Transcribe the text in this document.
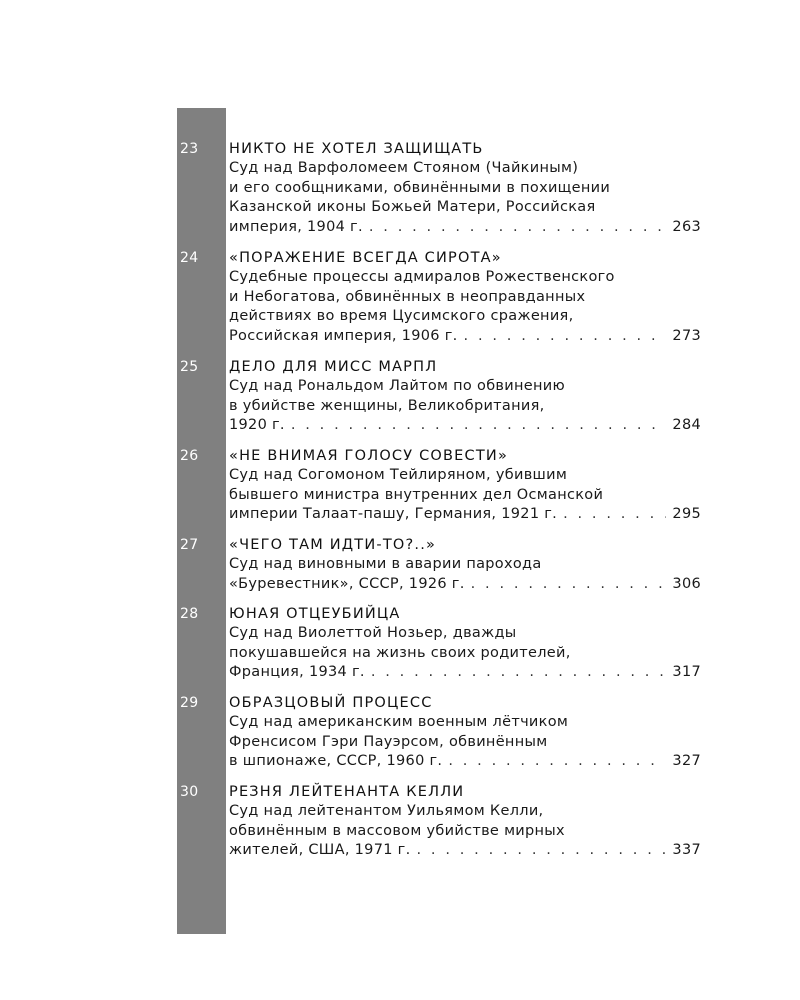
23 НИКТО НЕ ХОТЕЛ ЗАЩИЩАТЬ
Суд над Варфоломеем Стояном (Чайкиным)
и его сообщниками, обвинёнными в похищении
Казанской иконы Божьей Матери, Российская
империя, 1904 г. . . .	263
24 «ПОРАЖЕНИЕ ВСЕГДА СИРОТА»
Судебные процессы адмиралов Рожественского
и Небогатова, обвинённых в неоправданных
действиях во время Цусимского сражения,
Российская империя, 1906 г. . . .	273
25 ДЕЛО ДЛЯ МИСС МАРПЛ
Суд над Рональдом Лайтом по обвинению
в убийстве женщины, Великобритания,
1920 г. . . .	284
26 «НЕ ВНИМАЯ ГОЛОСУ СОВЕСТИ»
Суд над Согомоном Тейлиряном, убившим
бывшего министра внутренних дел Османской
империи Талаат-пашу, Германия, 1921 г. . . .	295
27 «ЧЕГО ТАМ ИДТИ-ТО?..»
Суд над виновными в аварии парохода
«Буревестник», СССР, 1926 г. . . .	306
28 ЮНАЯ ОТЦЕУБИЙЦА
Суд над Виолеттой Нозьер, дважды
покушавшейся на жизнь своих родителей,
Франция, 1934 г. . . .	317
29 ОБРАЗЦОВЫЙ ПРОЦЕСС
Суд над американским военным лётчиком
Френсисом Гэри Пауэрсом, обвинённым
в шпионаже, СССР, 1960 г. . . .	327
30 РЕЗНЯ ЛЕЙТЕНАНТА КЕЛЛИ
Суд над лейтенантом Уильямом Келли,
обвинённым в массовом убийстве мирных
жителей, США, 1971 г. . . .	337
